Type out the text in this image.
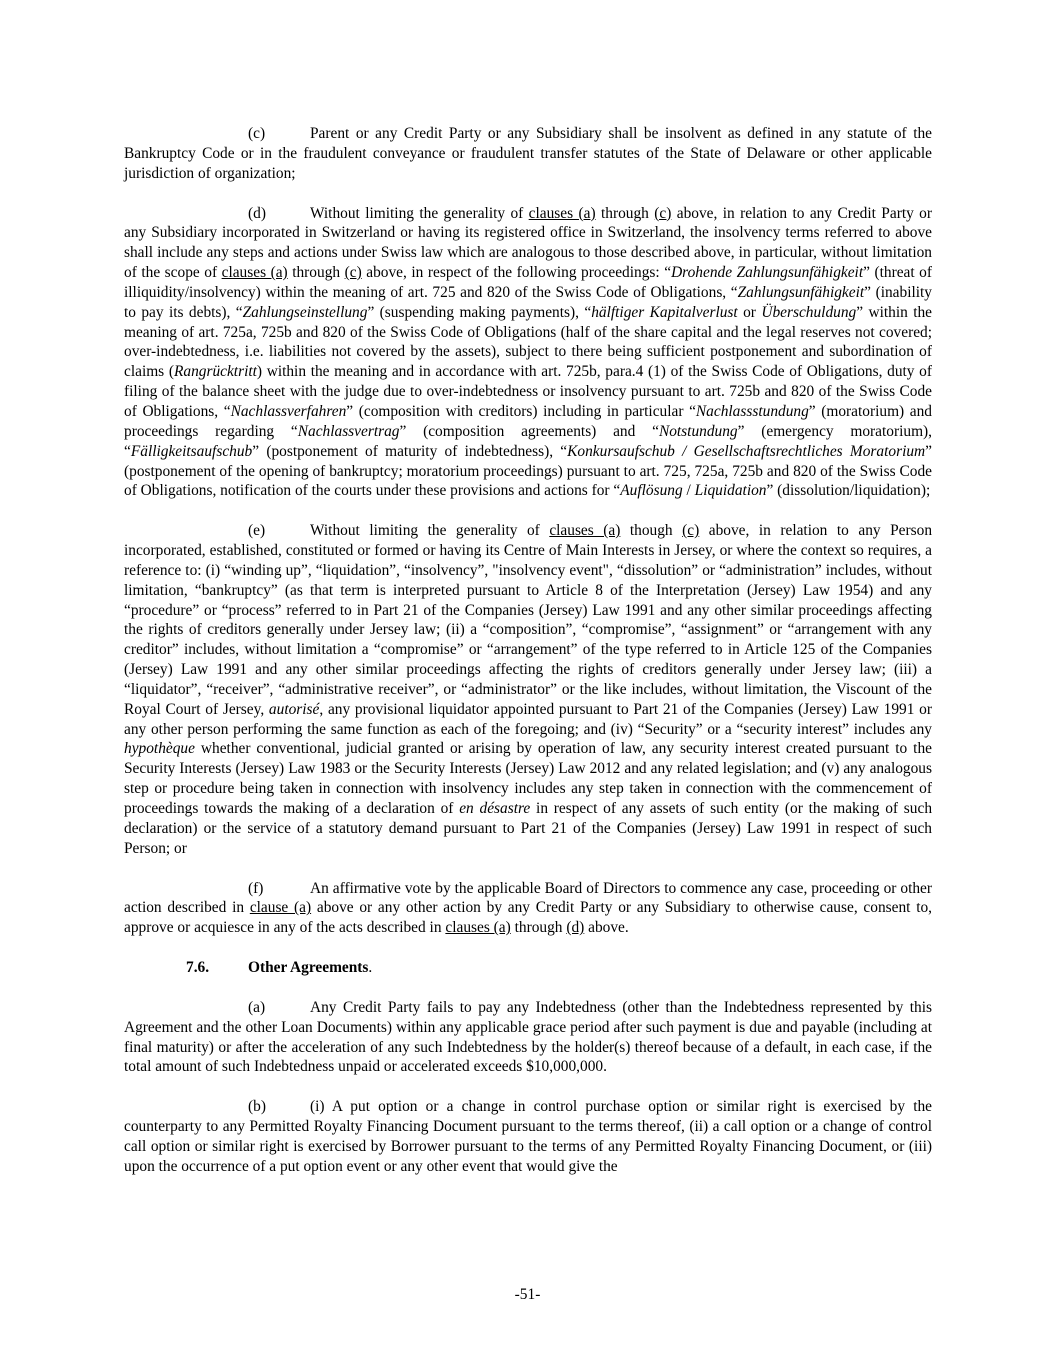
(c)	Parent or any Credit Party or any Subsidiary shall be insolvent as defined in any statute of the Bankruptcy Code or in the fraudulent conveyance or fraudulent transfer statutes of the State of Delaware or other applicable jurisdiction of organization;

(d)	Without limiting the generality of clauses (a) through (c) above, in relation to any Credit Party or any Subsidiary incorporated in Switzerland or having its registered office in Switzerland, the insolvency terms referred to above shall include any steps and actions under Swiss law which are analogous to those described above, in particular, without limitation of the scope of clauses (a) through (c) above, in respect of the following proceedings: “Drohende Zahlungsunfähigkeit” (threat of illiquidity/insolvency) within the meaning of art. 725 and 820 of the Swiss Code of Obligations, “Zahlungsunfähigkeit” (inability to pay its debts), “Zahlungseinstellung” (suspending making payments), “hälftiger Kapitalverlust or Überschuldung” within the meaning of art. 725a, 725b and 820 of the Swiss Code of Obligations (half of the share capital and the legal reserves not covered; over-indebtedness, i.e. liabilities not covered by the assets), subject to there being sufficient postponement and subordination of claims (Rangrücktritt) within the meaning and in accordance with art. 725b, para.4 (1) of the Swiss Code of Obligations, duty of filing of the balance sheet with the judge due to over-indebtedness or insolvency pursuant to art. 725b and 820 of the Swiss Code of Obligations, “Nachlassverfahren” (composition with creditors) including in particular “Nachlassstundung” (moratorium) and proceedings regarding “Nachlassvertrag” (composition agreements) and “Notstundung” (emergency moratorium), “Fälligkeitsaufschub” (postponement of maturity of indebtedness), “Konkursaufschub / Gesellschaftsrechtliches Moratorium” (postponement of the opening of bankruptcy; moratorium proceedings) pursuant to art. 725, 725a, 725b and 820 of the Swiss Code of Obligations, notification of the courts under these provisions and actions for “Auflösung / Liquidation” (dissolution/liquidation);

(e)	Without limiting the generality of clauses (a) though (c) above, in relation to any Person incorporated, established, constituted or formed or having its Centre of Main Interests in Jersey, or where the context so requires, a reference to: (i) “winding up”, “liquidation”, “insolvency”, "insolvency event", “dissolution” or “administration” includes, without limitation, “bankruptcy” (as that term is interpreted pursuant to Article 8 of the Interpretation (Jersey) Law 1954) and any “procedure” or “process” referred to in Part 21 of the Companies (Jersey) Law 1991 and any other similar proceedings affecting the rights of creditors generally under Jersey law; (ii) a “composition”, “compromise”, “assignment” or “arrangement with any creditor” includes, without limitation a “compromise” or “arrangement” of the type referred to in Article 125 of the Companies (Jersey) Law 1991 and any other similar proceedings affecting the rights of creditors generally under Jersey law; (iii) a “liquidator”, “receiver”, “administrative receiver”, or “administrator” or the like includes, without limitation, the Viscount of the Royal Court of Jersey, autorisé, any provisional liquidator appointed pursuant to Part 21 of the Companies (Jersey) Law 1991 or any other person performing the same function as each of the foregoing; and (iv) “Security” or a “security interest” includes any hypothèque whether conventional, judicial granted or arising by operation of law, any security interest created pursuant to the Security Interests (Jersey) Law 1983 or the Security Interests (Jersey) Law 2012 and any related legislation; and (v) any analogous step or procedure being taken in connection with insolvency includes any step taken in connection with the commencement of proceedings towards the making of a declaration of en désastre in respect of any assets of such entity (or the making of such declaration) or the service of a statutory demand pursuant to Part 21 of the Companies (Jersey) Law 1991 in respect of such Person; or

(f)	An affirmative vote by the applicable Board of Directors to commence any case, proceeding or other action described in clause (a) above or any other action by any Credit Party or any Subsidiary to otherwise cause, consent to, approve or acquiesce in any of the acts described in clauses (a) through (d) above.

7.6.	Other Agreements.

(a)	Any Credit Party fails to pay any Indebtedness (other than the Indebtedness represented by this Agreement and the other Loan Documents) within any applicable grace period after such payment is due and payable (including at final maturity) or after the acceleration of any such Indebtedness by the holder(s) thereof because of a default, in each case, if the total amount of such Indebtedness unpaid or accelerated exceeds $10,000,000.

(b)	(i) A put option or a change in control purchase option or similar right is exercised by the counterparty to any Permitted Royalty Financing Document pursuant to the terms thereof, (ii) a call option or a change of control call option or similar right is exercised by Borrower pursuant to the terms of any Permitted Royalty Financing Document, or (iii) upon the occurrence of a put option event or any other event that would give the

-51-
